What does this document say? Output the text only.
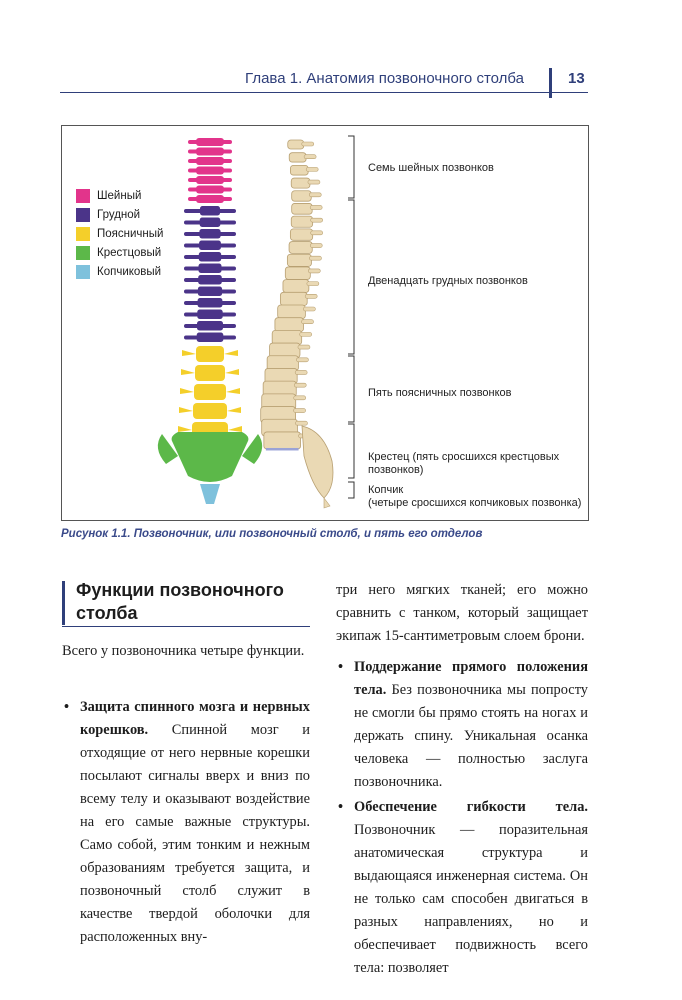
Глава 1. Анатомия позвоночного столба	13
Шейный
Грудной
Поясничный
Крестцовый
Копчиковый
Семь шейных позвонков
Двенадцать грудных позвонков
Пять поясничных позвонков
Крестец (пять сросшихся крестцовых
позвонков)
Копчик
(четыре сросшихся копчиковых позвонка)
Рисунок 1.1. Позвоночник, или позвоночный столб, и пять его отделов
Функции позвоночного столба

Всего у позвоночника четыре функции.

• Защита спинного мозга и нервных корешков. Спинной мозг и отходящие от него нервные корешки посылают сигналы вверх и вниз по всему телу и оказывают воздействие на его самые важные структуры. Само собой, этим тонким и нежным образованиям требуется защита, и позвоночный столб служит в качестве твердой оболочки для расположенных вну-

три него мягких тканей; его можно сравнить с танком, который защищает экипаж 15-сантиметровым слоем брони.

• Поддержание прямого положения тела. Без позвоночника мы попросту не смогли бы прямо стоять на ногах и держать спину. Уникальная осанка человека — полностью заслуга позвоночника.

• Обеспечение гибкости тела. Позвоночник — поразительная анатомическая структура и выдающаяся инженерная система. Он не только сам способен двигаться в разных направлениях, но и обеспечивает подвижность всего тела: позволяет
